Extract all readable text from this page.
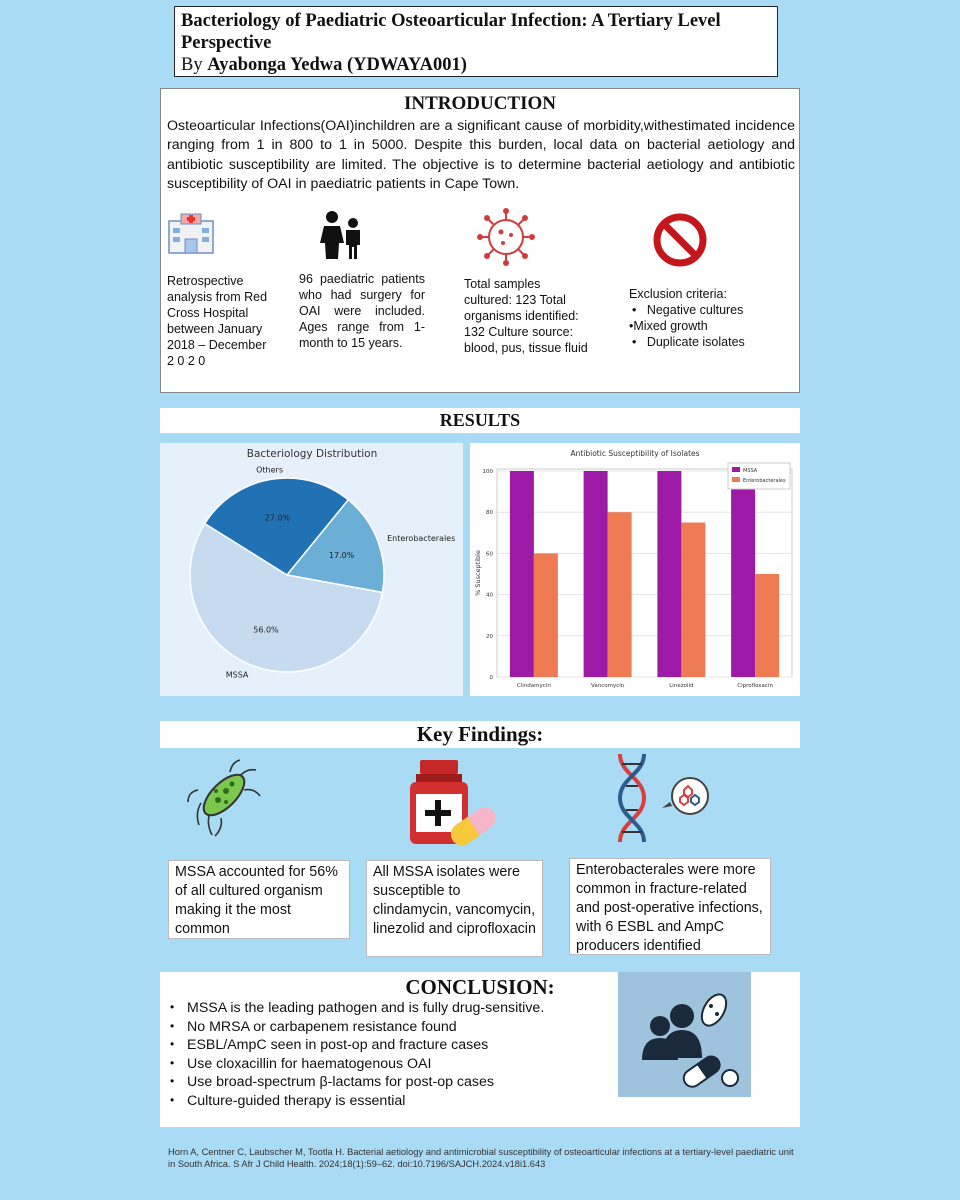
Bacteriology of Paediatric Osteoarticular Infection: A Tertiary Level Perspective
By Ayabonga Yedwa (YDWAYA001)
INTRODUCTION
Osteoarticular Infections(OAI)inchildren are a significant cause of morbidity,withestimated incidence ranging from 1 in 800 to 1 in 5000. Despite this burden, local data on bacterial aetiology and antibiotic susceptibility are limited. The objective is to determine bacterial aetiology and antibiotic susceptibility of OAI in paediatric patients in Cape Town.
Retrospective analysis from Red Cross Hospital between January 2018 – December 2 0 2 0
96 paediatric patients who had surgery for OAI were included. Ages range from 1-month to 15 years.
Total samples cultured: 123 Total organisms identified: 132 Culture source: blood, pus, tissue fluid
Exclusion criteria:
• Negative cultures
•Mixed growth
• Duplicate isolates
RESULTS
Bacteriology Distribution
27.0%
Others
17.0%
Enterobacterales
56.0%
MSSA
Antibiotic Susceptibility of Isolates
% Susceptible
0
20
40
60
80
100
Clindamycin	Vancomycin	Linezolid	Ciprofloxacin
MSSA
Enterobacterales
Key Findings:
MSSA accounted for 56% of all cultured organism making it the most common
All MSSA isolates were susceptible to clindamycin, vancomycin, linezolid and ciprofloxacin
Enterobacterales were more common in fracture-related and post-operative infections, with 6 ESBL and AmpC producers identified
CONCLUSION:
• MSSA is the leading pathogen and is fully drug-sensitive.
• No MRSA or carbapenem resistance found
• ESBL/AmpC seen in post-op and fracture cases
• Use cloxacillin for haematogenous OAI
• Use broad-spectrum β-lactams for post-op cases
• Culture-guided therapy is essential
Horn A, Centner C, Laubscher M, Tootla H. Bacterial aetiology and antimicrobial susceptibility of osteoarticular infections at a tertiary-level paediatric unit in South Africa. S Afr J Child Health. 2024;18(1):59–62. doi:10.7196/SAJCH.2024.v18i1.643
